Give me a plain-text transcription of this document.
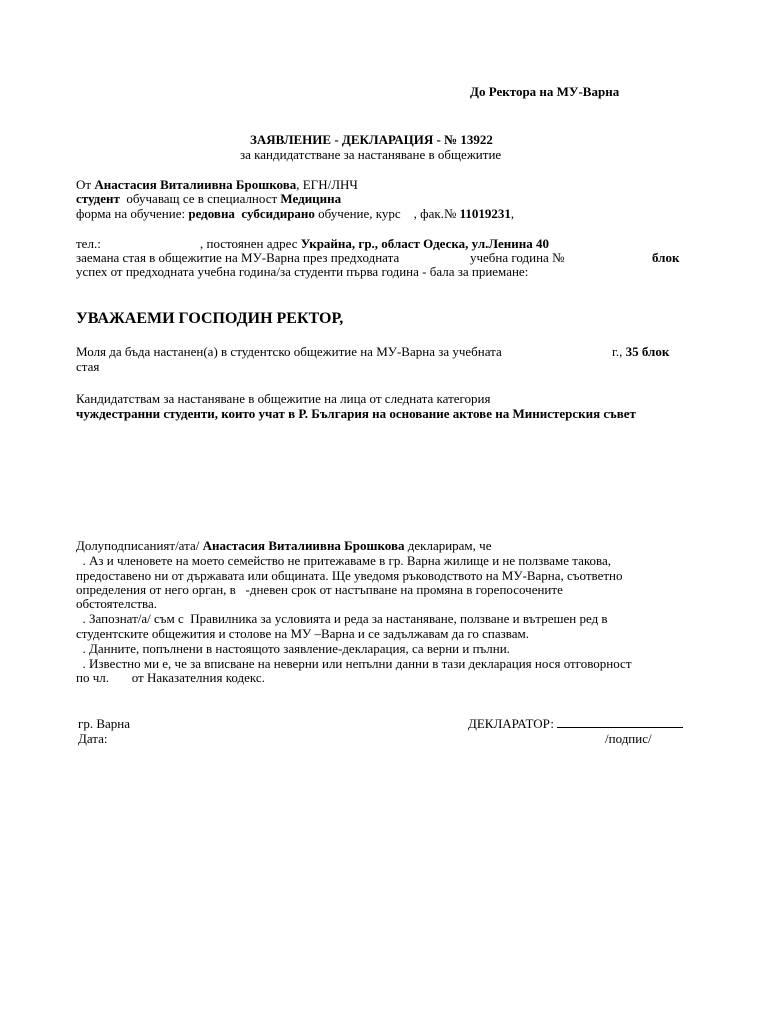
До Ректора на МУ-Варна
ЗАЯВЛЕНИЕ - ДЕКЛАРАЦИЯ - № 13922
за кандидатстване за настаняване в общежитие
От Анастасия Виталиивна Брошкова, ЕГН/ЛНЧ
студент  обучаващ се в специалност Медицина
форма на обучение: редовна  субсидирано обучение, курс    , фак.№ 11019231,
тел.:	, постоянен адрес Украйна, гр., област Одеска, ул.Ленина 40
заемана стая в общежитие на МУ-Варна през предходната	учебна година №	блок
успех от предходната учебна година/за студенти първа година - бала за приемане:
УВАЖАЕМИ ГОСПОДИН РЕКТОР,
Моля да бъда настанен(а) в студентско общежитие на МУ-Варна за учебната	г., 35 блок
стая
Кандидатствам за настаняване в общежитие на лица от следната категория
чуждестранни студенти, които учат в Р. България на основание актове на Министерския съвет
Долуподписаният/ата/ Анастасия Виталиивна Брошкова декларирам, че
. Аз и членовете на моето семейство не притежаваме в гр. Варна жилище и не ползваме такова,
предоставено ни от държавата или общината. Ще уведомя ръководството на МУ-Варна, съответно
определения от него орган, в   -дневен срок от настъпване на промяна в горепосочените
обстоятелства.
. Запознат/а/ съм с  Правилника за условията и реда за настаняване, ползване и вътрешен ред в
студентските общежития и столове на МУ –Варна и се задължавам да го спазвам.
. Данните, попълнени в настоящото заявление-декларация, са верни и пълни.
. Известно ми е, че за вписване на неверни или непълни данни в тази декларация нося отговорност
по чл.       от Наказателния кодекс.
гр. Варна	ДЕКЛАРАТОР:
Дата:	/подпис/
